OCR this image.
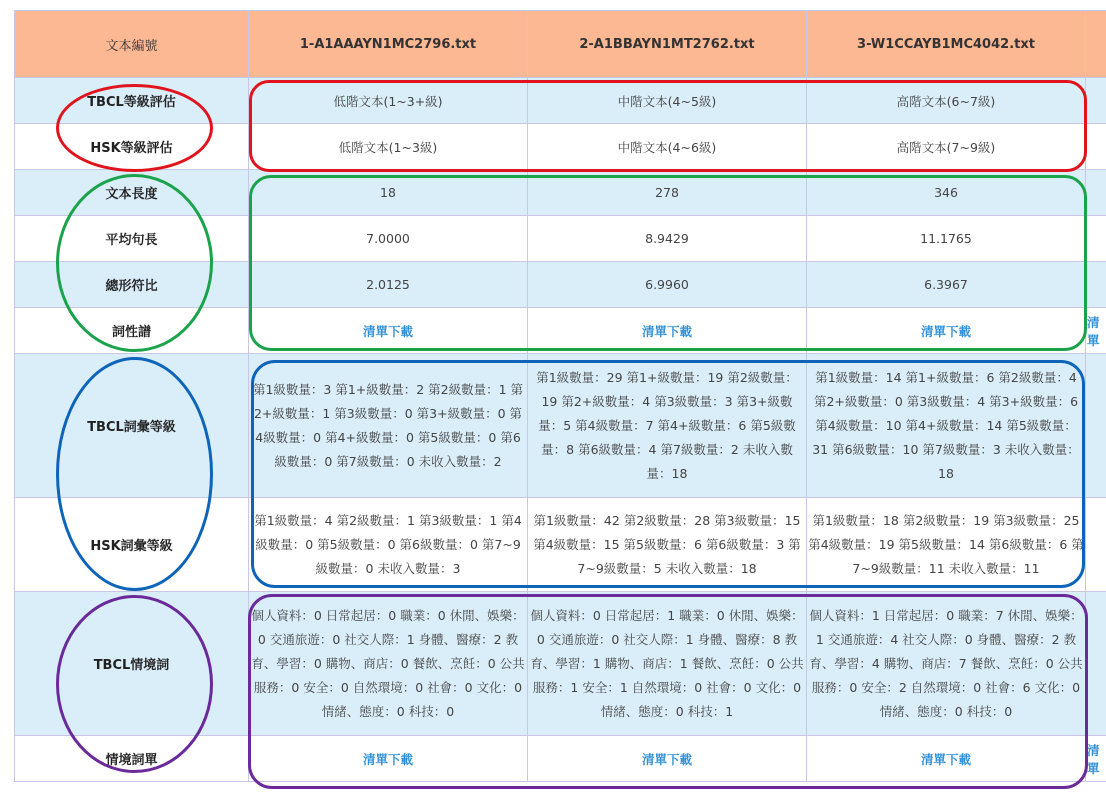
文本編號	1-A1AAAYN1MC2796.txt	2-A1BBAYN1MT2762.txt	3-W1CCAYB1MC4042.txt	
TBCL等級評估	低階文本(1~3+級)	中階文本(4~5級)	高階文本(6~7級)	
HSK等級評估	低階文本(1~3級)	中階文本(4~6級)	高階文本(7~9級)	
文本長度	18	278	346	
平均句長	7.0000	8.9429	11.1765	
總形符比	2.0125	6.9960	6.3967	
詞性譜	清單下載	清單下載	清單下載	清單
TBCL詞彙等級	第1級數量：3 第1+級數量：2 第2級數量：1 第2+級數量：1 第3級數量：0 第3+級數量：0 第4級數量：0 第4+級數量：0 第5級數量：0 第6級數量：0 第7級數量：0 未收入數量：2	第1級數量：29 第1+級數量：19 第2級數量：19 第2+級數量：4 第3級數量：3 第3+級數量：5 第4級數量：7 第4+級數量：6 第5級數量：8 第6級數量：4 第7級數量：2 未收入數量：18	第1級數量：14 第1+級數量：6 第2級數量：4 第2+級數量：0 第3級數量：4 第3+級數量：6 第4級數量：10 第4+級數量：14 第5級數量：31 第6級數量：10 第7級數量：3 未收入數量：18	
HSK詞彙等級	第1級數量：4 第2級數量：1 第3級數量：1 第4級數量：0 第5級數量：0 第6級數量：0 第7~9級數量：0 未收入數量：3	第1級數量：42 第2級數量：28 第3級數量：15 第4級數量：15 第5級數量：6 第6級數量：3 第7~9級數量：5 未收入數量：18	第1級數量：18 第2級數量：19 第3級數量：25 第4級數量：19 第5級數量：14 第6級數量：6 第7~9級數量：11 未收入數量：11	
TBCL情境詞	個人資料：0 日常起居：0 職業：0 休閒、娛樂：0 交通旅遊：0 社交人際：1 身體、醫療：2 教育、學習：0 購物、商店：0 餐飲、烹飪：0 公共服務：0 安全：0 自然環境：0 社會：0 文化：0 情緒、態度：0 科技：0	個人資料：0 日常起居：1 職業：0 休閒、娛樂：0 交通旅遊：0 社交人際：1 身體、醫療：8 教育、學習：1 購物、商店：1 餐飲、烹飪：0 公共服務：1 安全：1 自然環境：0 社會：0 文化：0 情緒、態度：0 科技：1	個人資料：1 日常起居：0 職業：7 休閒、娛樂：1 交通旅遊：4 社交人際：0 身體、醫療：2 教育、學習：4 購物、商店：7 餐飲、烹飪：0 公共服務：0 安全：2 自然環境：0 社會：6 文化：0 情緒、態度：0 科技：0	
情境詞單	清單下載	清單下載	清單下載	清單
